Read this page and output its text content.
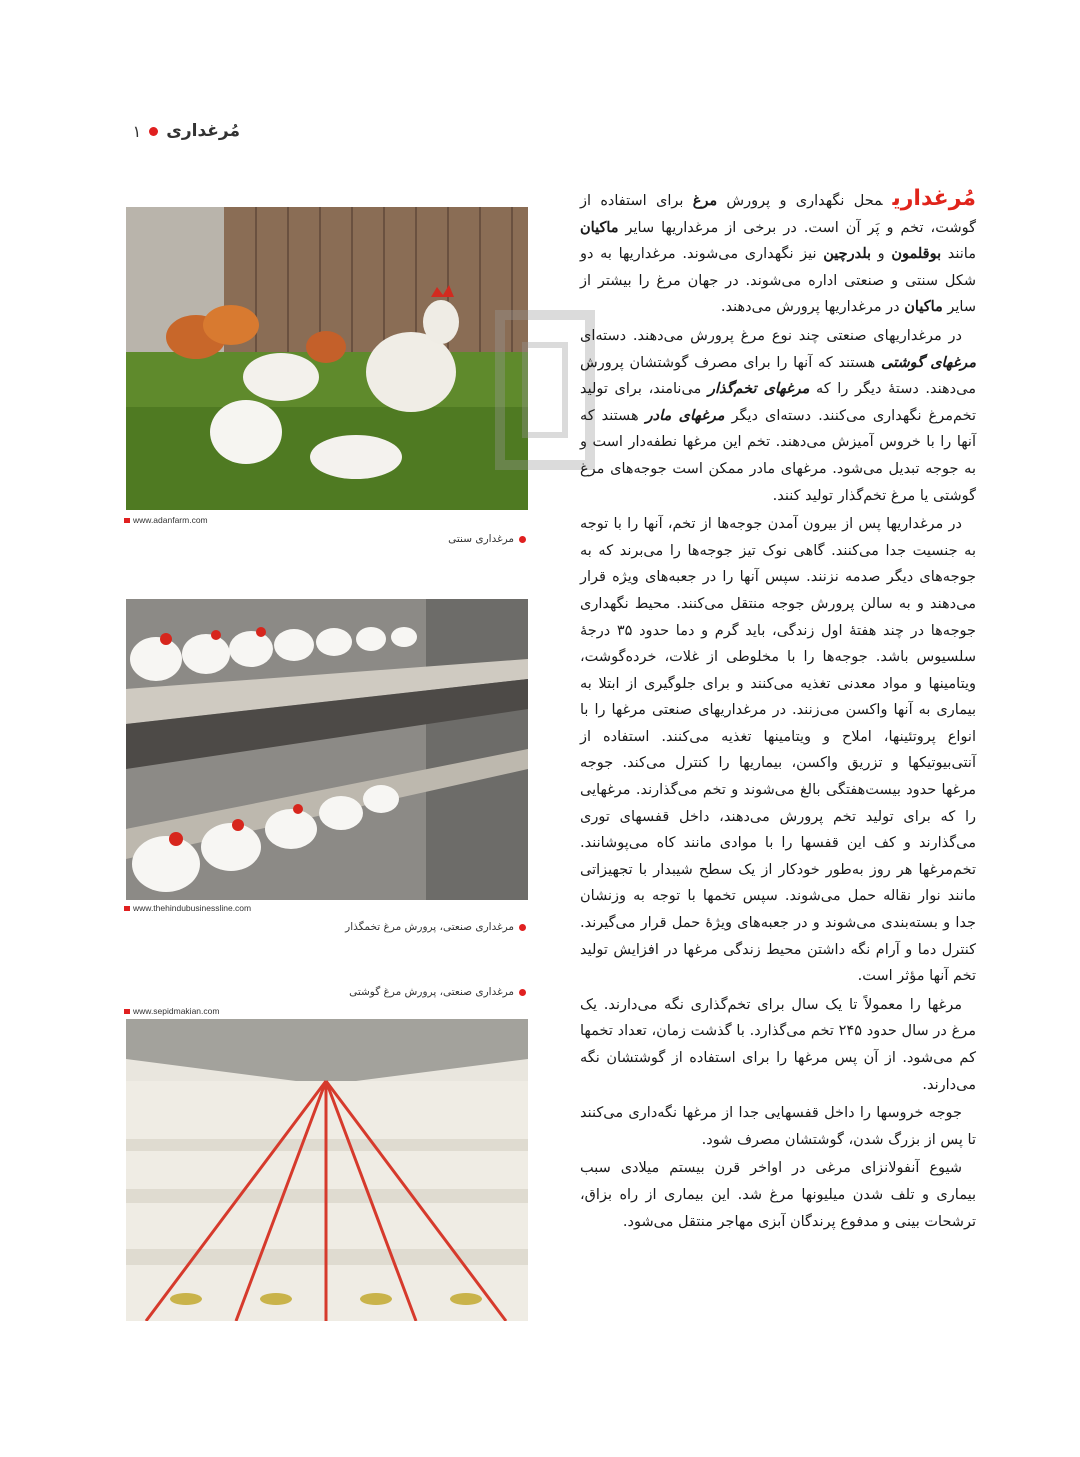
مُرغداری
۱
www.adanfarm.com
مرغداری سنتی
www.thehindubusinessline.com
مرغداری صنعتی، پرورش مرغ تخمگذار
مرغداری صنعتی، پرورش مرغ گوشتی
www.sepidmakian.com

مُرغداریمحل نگهداری و پرورش مرغ برای استفاده از گوشت، تخم و پَر آن است. در برخی از مرغداریها سایر ماکیان مانند بوقلمون و بلدرچین نیز نگهداری می‌شوند. مرغداریها به دو شکل سنتی و صنعتی اداره می‌شوند. در جهان مرغ را بیشتر از سایر ماکیان در مرغداریها پرورش می‌دهند.

در مرغداریهای صنعتی چند نوع مرغ پرورش می‌دهند. دسته‌ای مرغهای گوشتی هستند که آنها را برای مصرف گوشتشان پرورش می‌دهند. دستهٔ دیگر را که مرغهای تخم‌گذار می‌نامند، برای تولید تخم‌مرغ نگهداری می‌کنند. دسته‌ای دیگر مرغهای مادر هستند که آنها را با خروس آمیزش می‌دهند. تخم این مرغها نطفه‌دار است و به جوجه تبدیل می‌شود. مرغهای مادر ممکن است جوجه‌های مرغ گوشتی یا مرغ تخم‌گذار تولید کنند.

در مرغداریها پس از بیرون آمدن جوجه‌ها از تخم، آنها را با توجه به جنسیت جدا می‌کنند. گاهی نوک تیز جوجه‌ها را می‌برند که به جوجه‌های دیگر صدمه نزنند. سپس آنها را در جعبه‌های ویژه قرار می‌دهند و به سالن پرورش جوجه منتقل می‌کنند. محیط نگهداری جوجه‌ها در چند هفتهٔ اول زندگی، باید گرم و دما حدود ۳۵ درجهٔ سلسیوس باشد. جوجه‌ها را با مخلوطی از غلات، خرده‌گوشت، ویتامینها و مواد معدنی تغذیه می‌کنند و برای جلوگیری از ابتلا به بیماری به آنها واکسن می‌زنند. در مرغداریهای صنعتی مرغها را با انواع پروتئینها، املاح و ویتامینها تغذیه می‌کنند. استفاده از آنتی‌بیوتیکها و تزریق واکسن، بیماریها را کنترل می‌کند. جوجه مرغها حدود بیست‌هفتگی بالغ می‌شوند و تخم می‌گذارند. مرغهایی را که برای تولید تخم پرورش می‌دهند، داخل قفسهای توری می‌گذارند و کف این قفسها را با موادی مانند کاه می‌پوشانند. تخم‌مرغها هر روز به‌طور خودکار از یک سطح شیبدار با تجهیزاتی مانند نوار نقاله حمل می‌شوند. سپس تخمها با توجه به وزنشان جدا و بسته‌بندی می‌شوند و در جعبه‌های ویژهٔ حمل قرار می‌گیرند. کنترل دما و آرام نگه داشتن محیط زندگی مرغها در افزایش تولید تخم آنها مؤثر است.

مرغها را معمولاً تا یک سال برای تخم‌گذاری نگه می‌دارند. یک مرغ در سال حدود ۲۴۵ تخم می‌گذارد. با گذشت زمان، تعداد تخمها کم می‌شود. از آن پس مرغها را برای استفاده از گوشتشان نگه می‌دارند.

جوجه خروسها را داخل قفسهایی جدا از مرغها نگه‌داری می‌کنند تا پس از بزرگ شدن، گوشتشان مصرف شود.

شیوع آنفولانزای مرغی در اواخر قرن بیستم میلادی سبب بیماری و تلف شدن میلیونها مرغ شد. این بیماری از راه بزاق، ترشحات بینی و مدفوع پرندگان آبزی مهاجر منتقل می‌شود.
